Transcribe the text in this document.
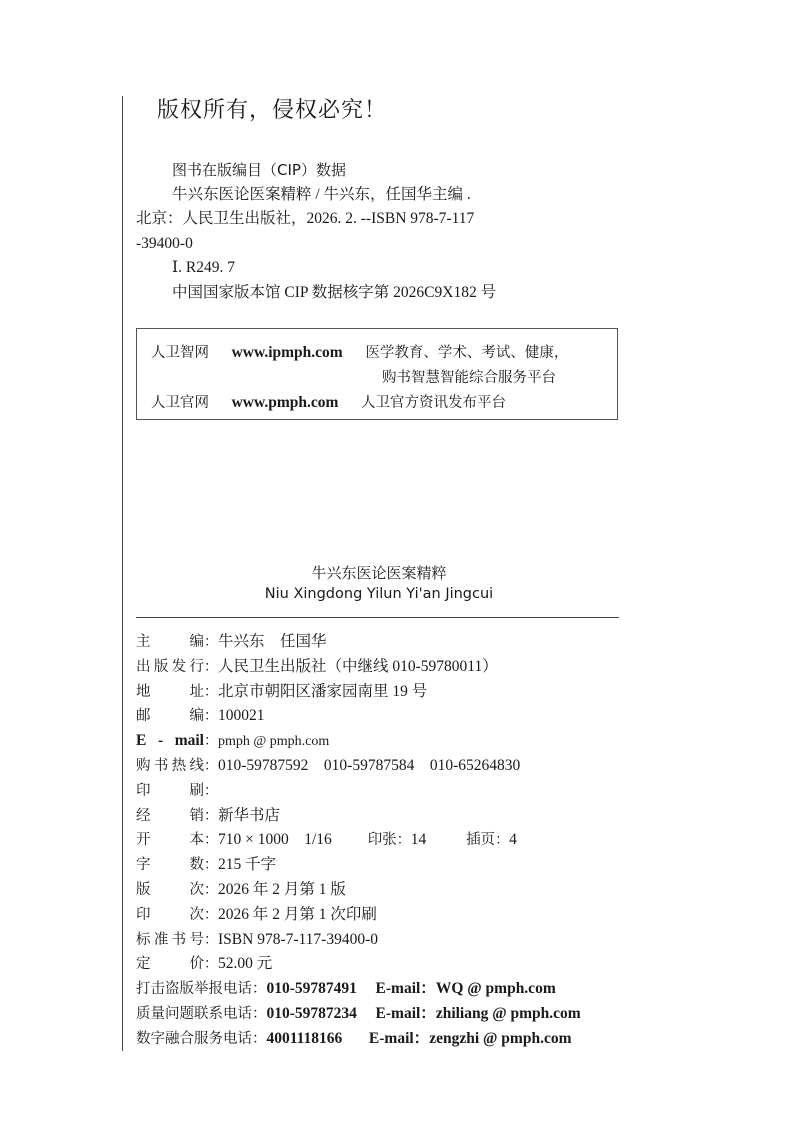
版权所有，侵权必究！
图书在版编目（CIP）数据
牛兴东医论医案精粹 / 牛兴东，任国华主编 .
北京：人民卫生出版社，2026. 2. --ISBN 978-7-117
-39400-0
Ⅰ. R249. 7
中国国家版本馆 CIP 数据核字第 2026C9X182 号
人卫智网 www.ipmph.com 医学教育、学术、考试、健康，
购书智慧智能综合服务平台
人卫官网 www.pmph.com 人卫官方资讯发布平台
牛兴东医论医案精粹
Niu Xingdong Yilun Yi'an Jingcui
主编：牛兴东　任国华
出版发行：人民卫生出版社（中继线 010-59780011）
地址：北京市朝阳区潘家园南里 19 号
邮编：100021
E - mail：pmph @ pmph.com
购书热线：010-59787592　010-59787584　010-65264830
印刷：
经销：新华书店
开本：710 × 1000　1/16 印张：14	插页：4
字数：215 千字
版次：2026 年 2 月第 1 版
印次：2026 年 2 月第 1 次印刷
标准书号：ISBN 978-7-117-39400-0
定价：52.00 元
打击盗版举报电话：010-59787491 E-mail：WQ @ pmph.com
质量问题联系电话：010-59787234 E-mail：zhiliang @ pmph.com
数字融合服务电话：4001118166 E-mail：zengzhi @ pmph.com
